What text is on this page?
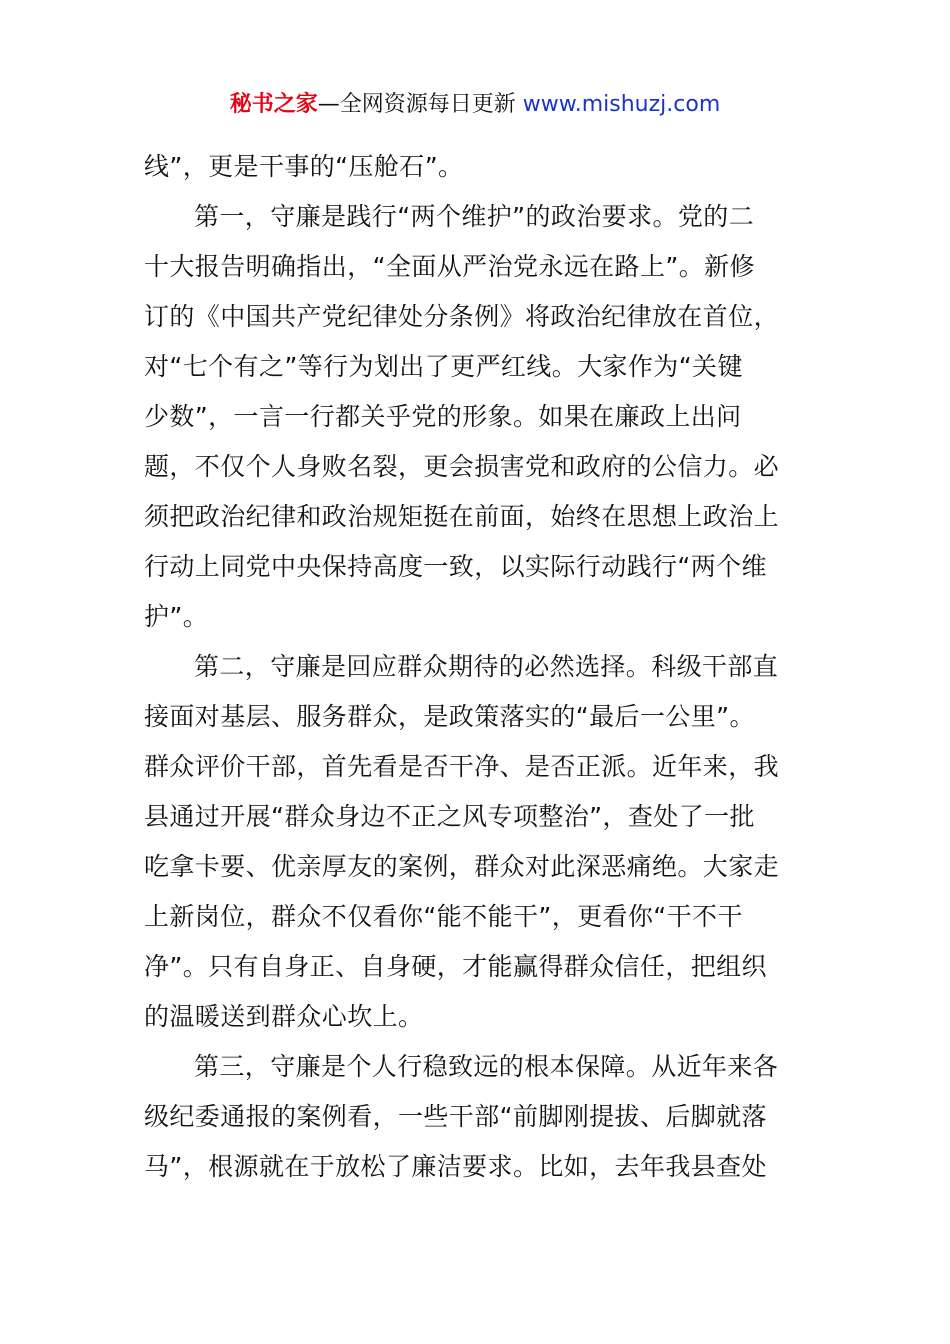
秘书之家—全网资源每日更新 www.mishuzj.com
线”，更是干事的“压舱石”。
第一，守廉是践行“两个维护”的政治要求。党的二
十大报告明确指出，“全面从严治党永远在路上”。新修
订的《中国共产党纪律处分条例》将政治纪律放在首位，
对“七个有之”等行为划出了更严红线。大家作为“关键
少数”，一言一行都关乎党的形象。如果在廉政上出问
题，不仅个人身败名裂，更会损害党和政府的公信力。必
须把政治纪律和政治规矩挺在前面，始终在思想上政治上
行动上同党中央保持高度一致，以实际行动践行“两个维
护”。
第二，守廉是回应群众期待的必然选择。科级干部直
接面对基层、服务群众，是政策落实的“最后一公里”。
群众评价干部，首先看是否干净、是否正派。近年来，我
县通过开展“群众身边不正之风专项整治”，查处了一批
吃拿卡要、优亲厚友的案例，群众对此深恶痛绝。大家走
上新岗位，群众不仅看你“能不能干”，更看你“干不干
净”。只有自身正、自身硬，才能赢得群众信任，把组织
的温暖送到群众心坎上。
第三，守廉是个人行稳致远的根本保障。从近年来各
级纪委通报的案例看，一些干部“前脚刚提拔、后脚就落
马”，根源就在于放松了廉洁要求。比如，去年我县查处
